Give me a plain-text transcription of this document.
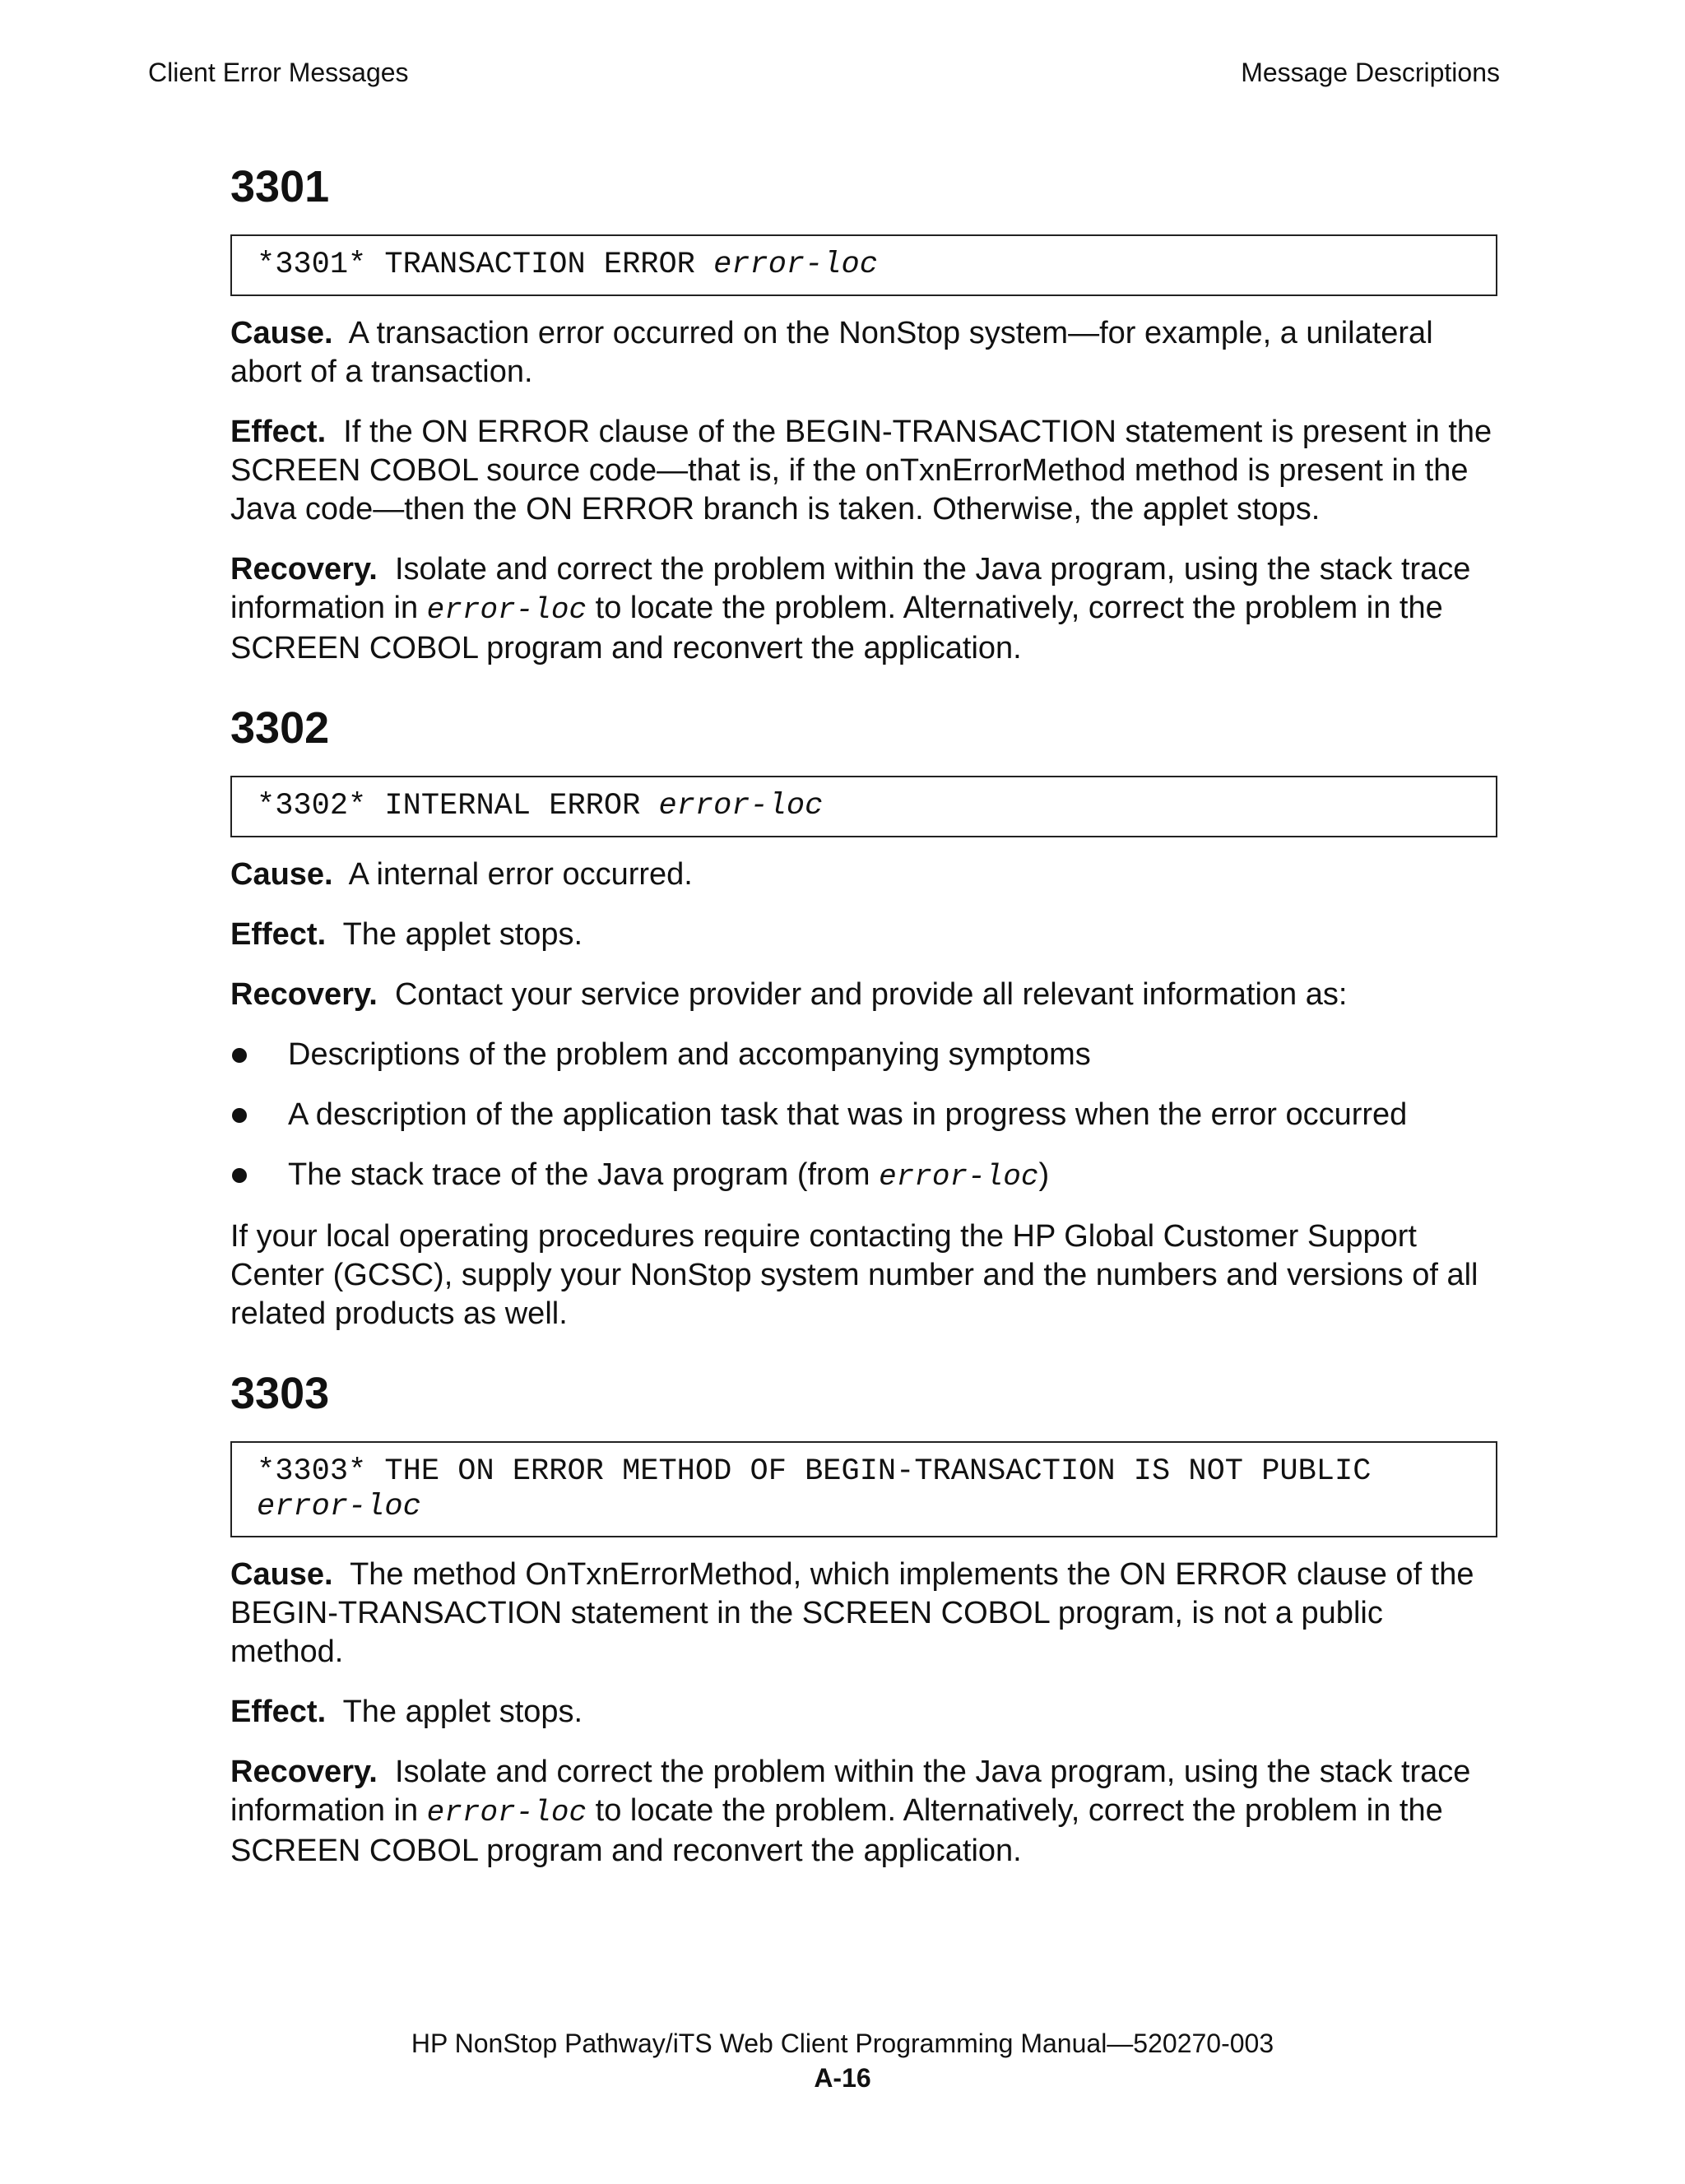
Client Error Messages	Message Descriptions
3301
*3301* TRANSACTION ERROR error-loc

Cause. A transaction error occurred on the NonStop system—for example, a unilateral abort of a transaction.

Effect. If the ON ERROR clause of the BEGIN-TRANSACTION statement is present in the SCREEN COBOL source code—that is, if the onTxnErrorMethod method is present in the Java code—then the ON ERROR branch is taken. Otherwise, the applet stops.

Recovery. Isolate and correct the problem within the Java program, using the stack trace information in error-loc to locate the problem. Alternatively, correct the problem in the SCREEN COBOL program and reconvert the application.

3302
*3302* INTERNAL ERROR error-loc

Cause. A internal error occurred.

Effect. The applet stops.

Recovery. Contact your service provider and provide all relevant information as:

Descriptions of the problem and accompanying symptoms
A description of the application task that was in progress when the error occurred
The stack trace of the Java program (from error-loc)

If your local operating procedures require contacting the HP Global Customer Support Center (GCSC), supply your NonStop system number and the numbers and versions of all related products as well.

3303
*3303* THE ON ERROR METHOD OF BEGIN-TRANSACTION IS NOT PUBLIC
error-loc

Cause. The method OnTxnErrorMethod, which implements the ON ERROR clause of the BEGIN-TRANSACTION statement in the SCREEN COBOL program, is not a public method.

Effect. The applet stops.

Recovery. Isolate and correct the problem within the Java program, using the stack trace information in error-loc to locate the problem. Alternatively, correct the problem in the SCREEN COBOL program and reconvert the application.

HP NonStop Pathway/iTS Web Client Programming Manual—520270-003
A-16
